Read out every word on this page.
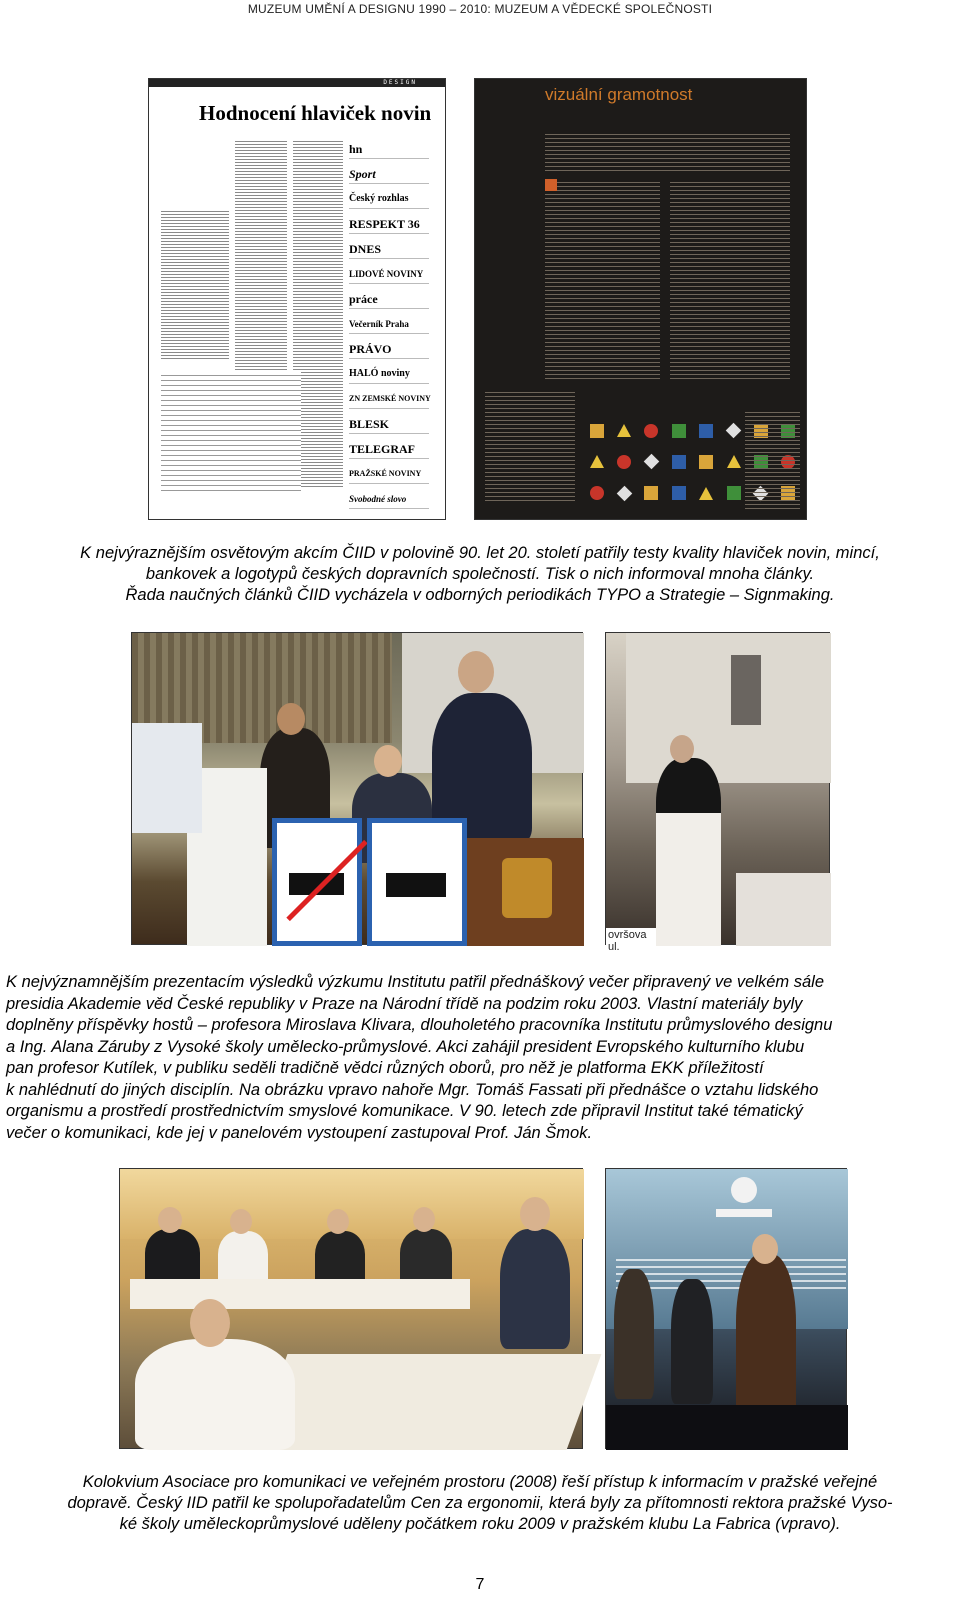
MUZEUM UMĚNÍ A DESIGNU 1990 – 2010: MUZEUM A VĚDECKÉ SPOLEČNOSTI
DESIGN
Hodnocení hlaviček novin
hn
Sport
Český rozhlas
RESPEKT 36
DNES
LIDOVÉ NOVINY
práce
Večerník Praha
PRÁVO
HALÓ noviny
ZN ZEMSKÉ NOVINY
BLESK
TELEGRAF
PRAŽSKÉ NOVINY
Svobodné slovo
vizuální gramotnost
K nejvýraznějším osvětovým akcím ČIID v polovině 90. let 20. století patřily testy kvality hlaviček novin, mincí,
bankovek a logotypů českých dopravních společností. Tisk o nich informoval mnoha články.
Řada naučných článků ČIID vycházela v odborných periodikách TYPO a Strategie – Signmaking.
ovršova ul.
K nejvýznamnějším prezentacím výsledků výzkumu Institutu patřil přednáškový večer připravený ve velkém sále
presidia Akademie věd České republiky v Praze na Národní třídě na podzim roku 2003. Vlastní materiály byly
doplněny příspěvky hostů – profesora Miroslava Klivara, dlouholetého pracovníka Institutu průmyslového designu
a Ing. Alana Záruby z Vysoké školy umělecko-průmyslové. Akci zahájil president Evropského kulturního klubu
pan profesor Kutílek, v publiku seděli tradičně vědci různých oborů, pro něž je platforma EKK příležitostí
k nahlédnutí do jiných disciplín. Na obrázku vpravo nahoře Mgr. Tomáš Fassati při přednášce o vztahu lidského
organismu a prostředí prostřednictvím smyslové komunikace. V 90. letech zde připravil Institut také tématický
večer o komunikaci, kde jej v panelovém vystoupení zastupoval Prof. Ján Šmok.
Kolokvium Asociace pro komunikaci ve veřejném prostoru (2008) řeší přístup k informacím v pražské veřejné
dopravě. Český IID patřil ke spolupořadatelům Cen za ergonomii, která byly za přítomnosti rektora pražské Vyso-
ké školy uměleckoprůmyslové uděleny počátkem roku 2009 v pražském klubu La Fabrica (vpravo).
7
